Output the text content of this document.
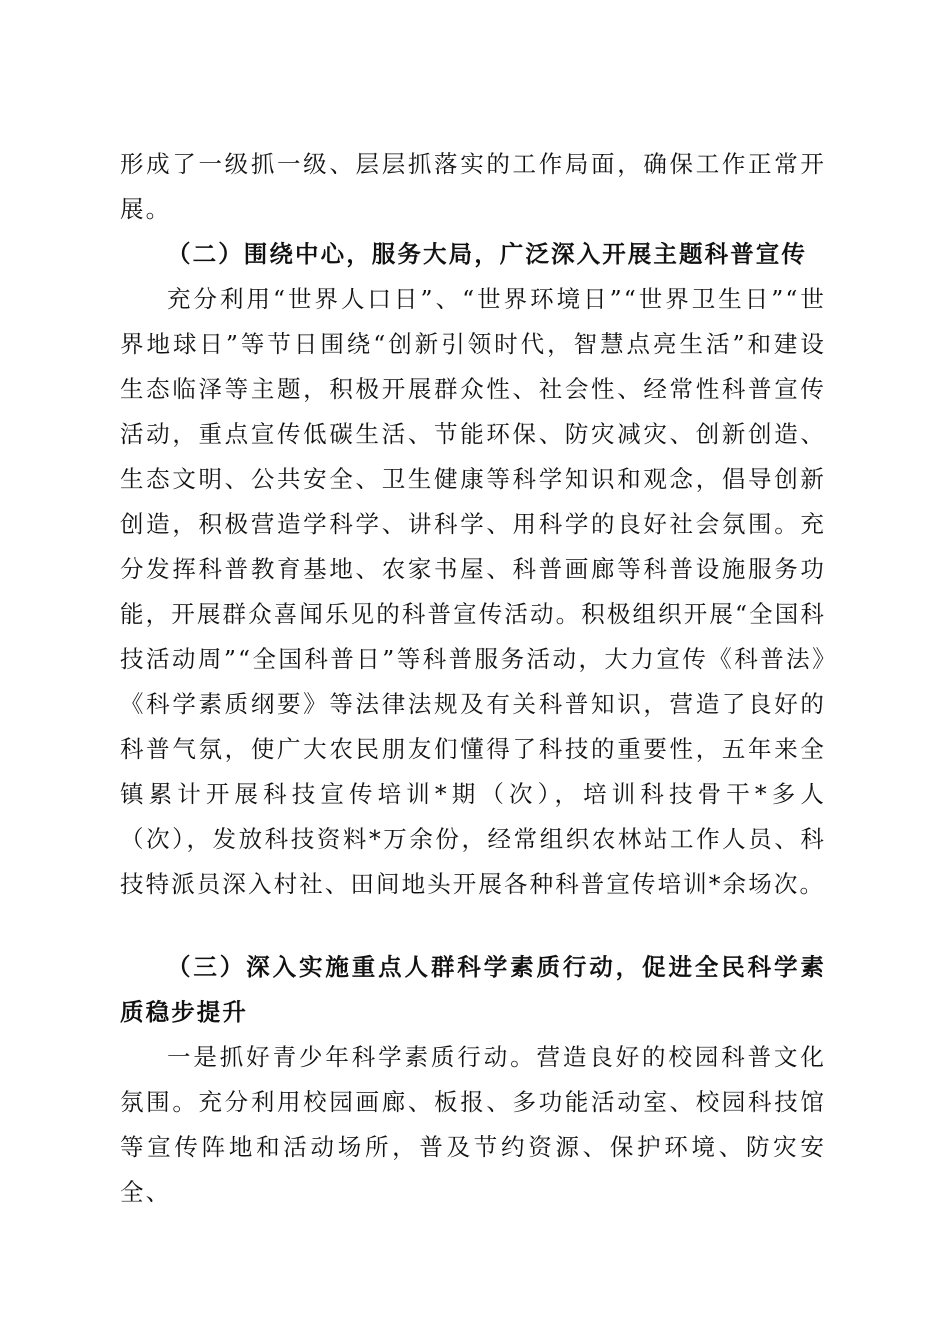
形成了一级抓一级、层层抓落实的工作局面，确保工作正常开展。

（二）围绕中心，服务大局，广泛深入开展主题科普宣传

充分利用“世界人口日”、“世界环境日”“世界卫生日”“世界地球日”等节日围绕“创新引领时代，智慧点亮生活”和建设生态临泽等主题，积极开展群众性、社会性、经常性科普宣传活动，重点宣传低碳生活、节能环保、防灾减灾、创新创造、生态文明、公共安全、卫生健康等科学知识和观念，倡导创新创造，积极营造学科学、讲科学、用科学的良好社会氛围。充分发挥科普教育基地、农家书屋、科普画廊等科普设施服务功能，开展群众喜闻乐见的科普宣传活动。积极组织开展“全国科技活动周”“全国科普日”等科普服务活动，大力宣传《科普法》《科学素质纲要》等法律法规及有关科普知识，营造了良好的科普气氛，使广大农民朋友们懂得了科技的重要性，五年来全镇累计开展科技宣传培训*期（次），培训科技骨干*多人（次），发放科技资料*万余份，经常组织农林站工作人员、科技特派员深入村社、田间地头开展各种科普宣传培训*余场次。

（三）深入实施重点人群科学素质行动，促进全民科学素质稳步提升

一是抓好青少年科学素质行动。营造良好的校园科普文化氛围。充分利用校园画廊、板报、多功能活动室、校园科技馆等宣传阵地和活动场所，普及节约资源、保护环境、防灾安全、
